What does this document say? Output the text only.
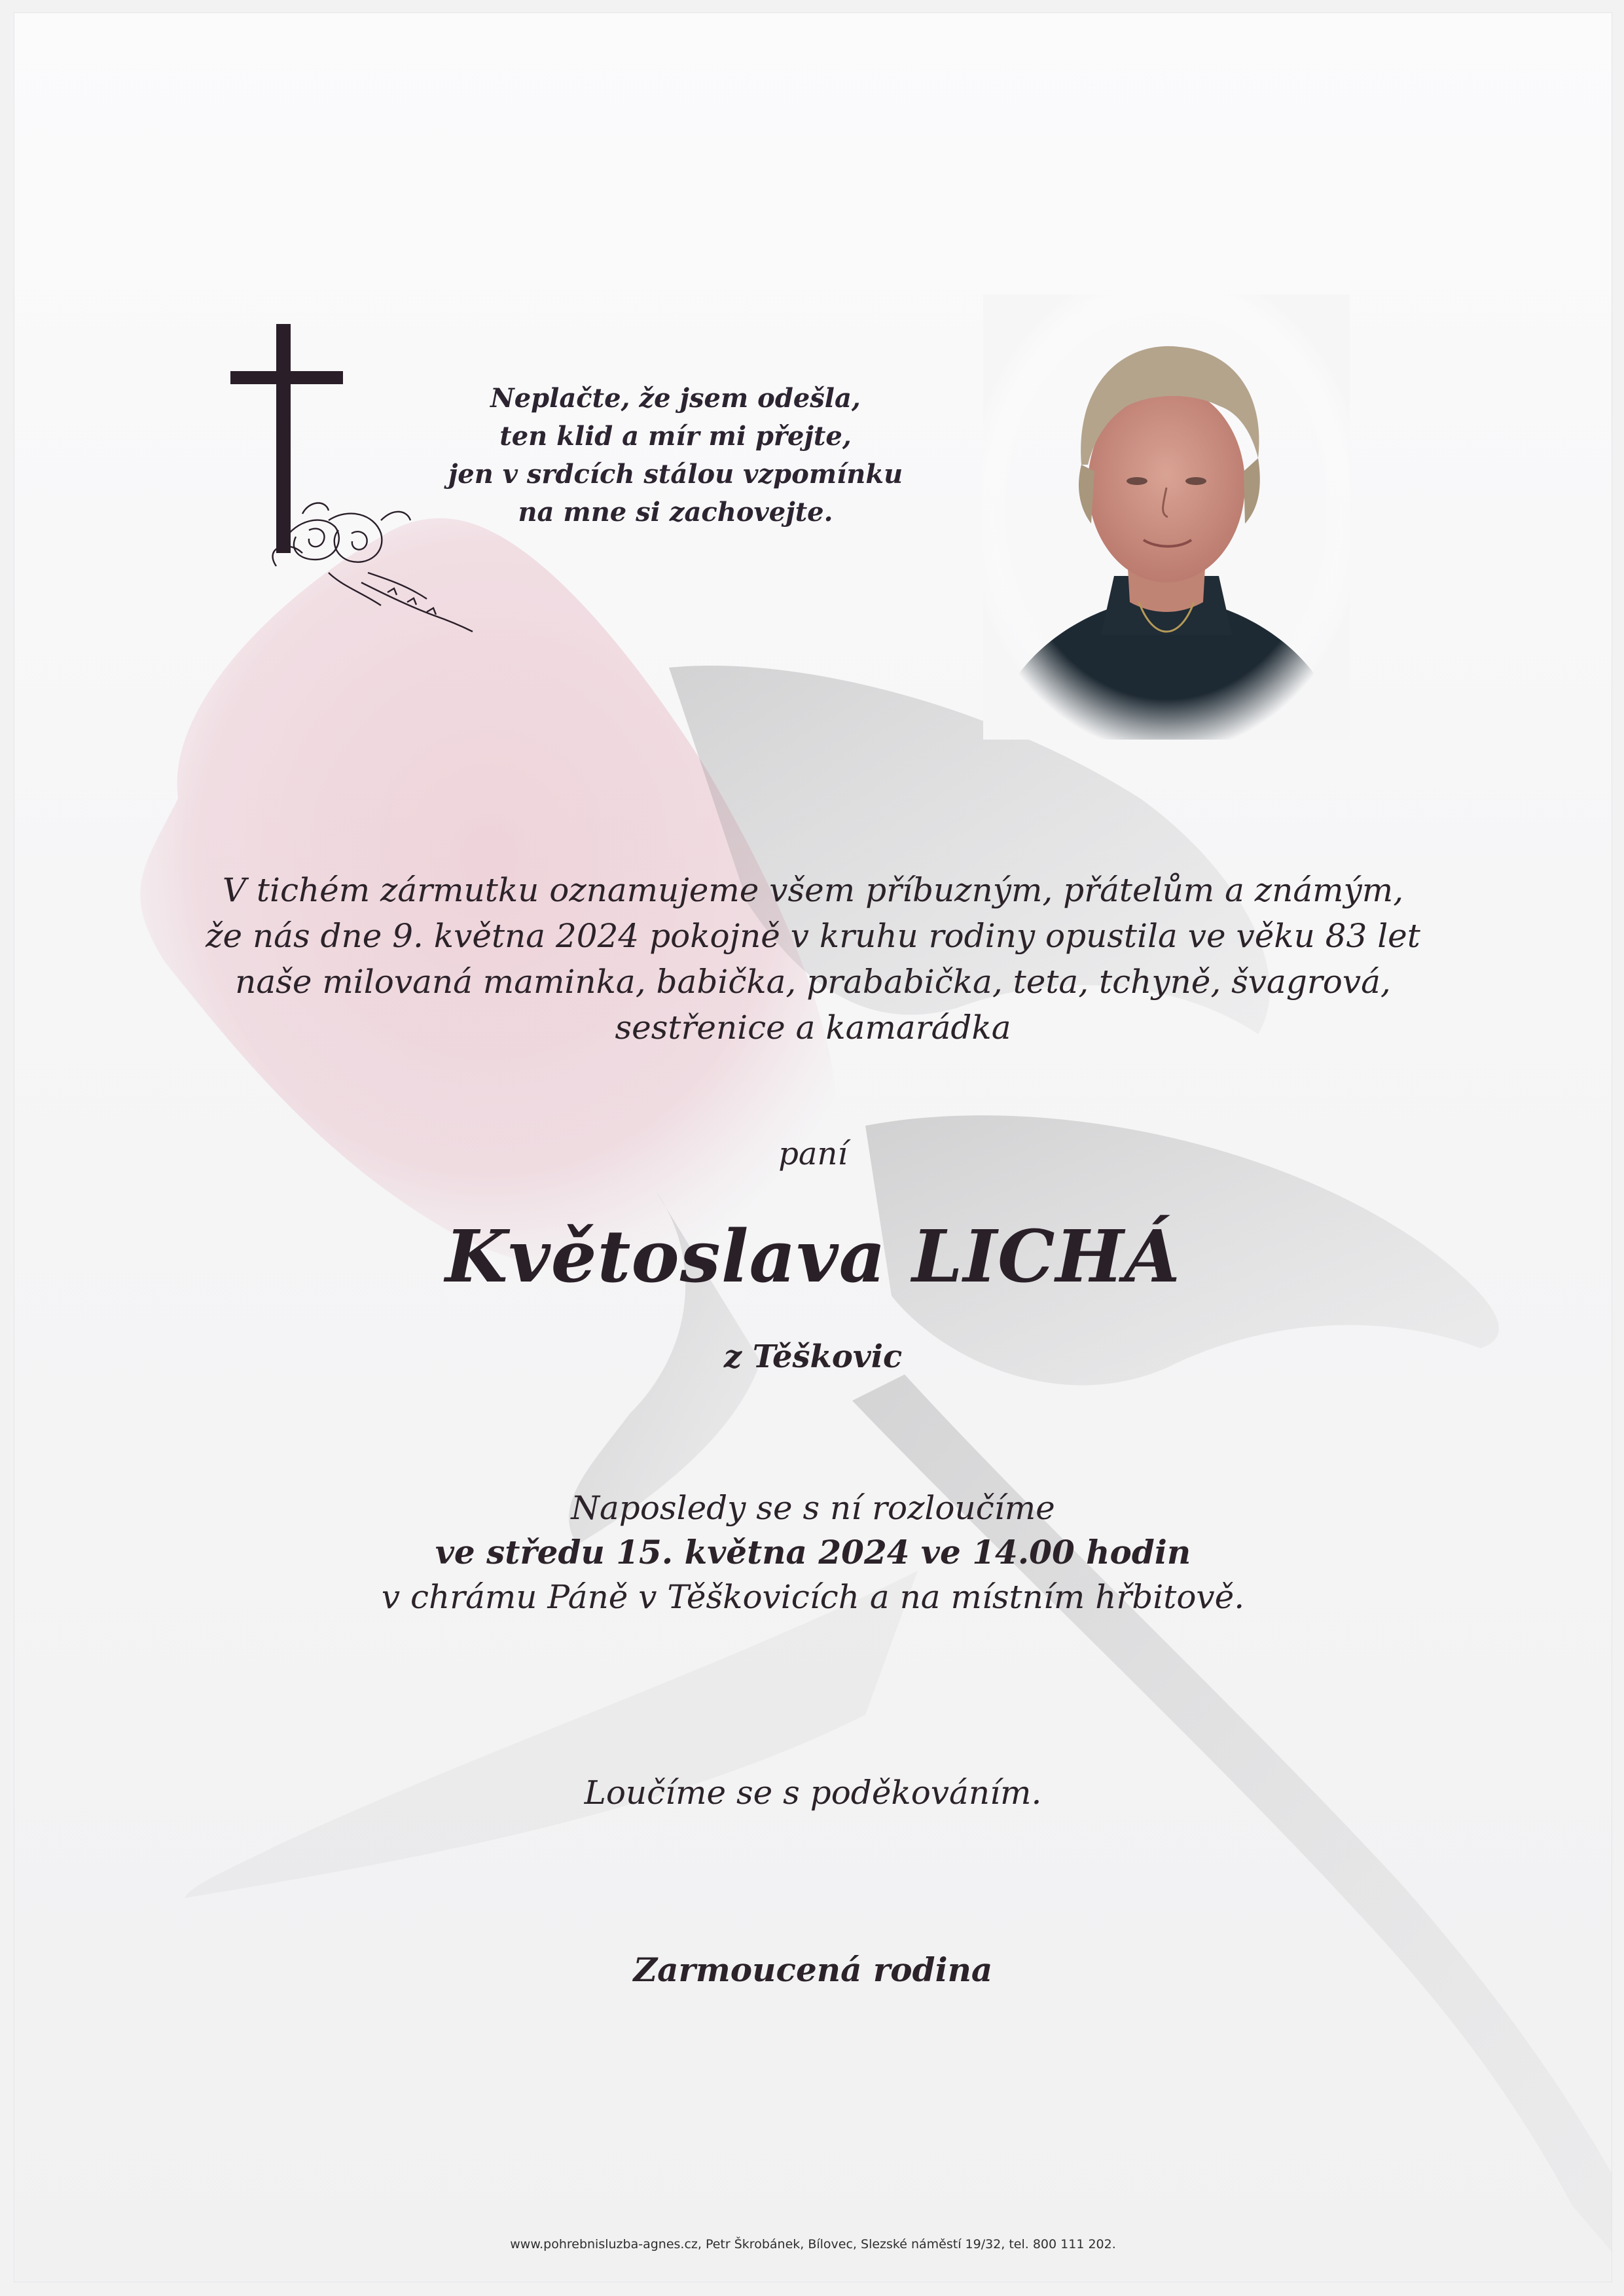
Neplačte, že jsem odešla,
ten klid a mír mi přejte,
jen v srdcích stálou vzpomínku
na mne si zachovejte.
V tichém zármutku oznamujeme všem příbuzným, přátelům a známým,
že nás dne 9. května 2024 pokojně v kruhu rodiny opustila ve věku 83 let
naše milovaná maminka, babička, prababička, teta, tchyně, švagrová,
sestřenice a kamarádka
paní
Květoslava LICHÁ
z Těškovic
Naposledy se s ní rozloučíme
ve středu 15. května 2024 ve 14.00 hodin
v chrámu Páně v Těškovicích a na místním hřbitově.
Loučíme se s poděkováním.
Zarmoucená rodina
www.pohrebnisluzba-agnes.cz, Petr Škrobánek, Bílovec, Slezské náměstí 19/32, tel. 800 111 202.
